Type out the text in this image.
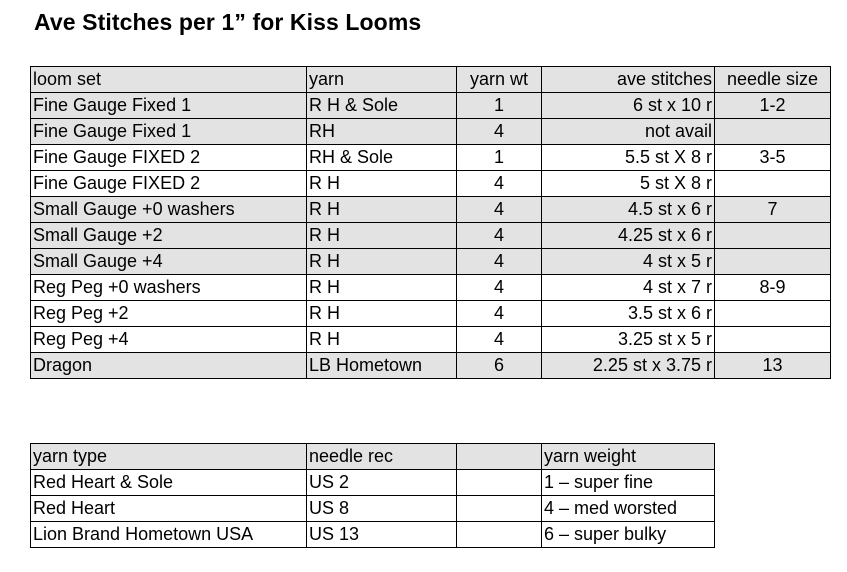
Ave Stitches per 1” for Kiss Looms
loom set	yarn	yarn wt	ave stitches	needle size
Fine Gauge Fixed 1	R H & Sole	1	6 st x 10 r	1-2
Fine Gauge Fixed 1	RH	4	not avail	
Fine Gauge FIXED 2	RH & Sole	1	5.5 st X 8 r	3-5
Fine Gauge FIXED 2	R H	4	5 st X 8 r	
Small Gauge +0 washers	R H	4	4.5 st x 6 r	7
Small Gauge +2	R H	4	4.25 st x 6 r	
Small Gauge +4	R H	4	4 st x 5 r	
Reg Peg +0 washers	R H	4	4 st x 7 r	8-9
Reg Peg +2	R H	4	3.5 st x 6 r	
Reg Peg +4	R H	4	3.25 st x 5 r	
Dragon	LB Hometown	6	2.25 st x 3.75 r	13
yarn type	needle rec		yarn weight
Red Heart & Sole	US 2		1 – super fine
Red Heart	US 8		4 – med worsted
Lion Brand Hometown USA	US 13		6 – super bulky
